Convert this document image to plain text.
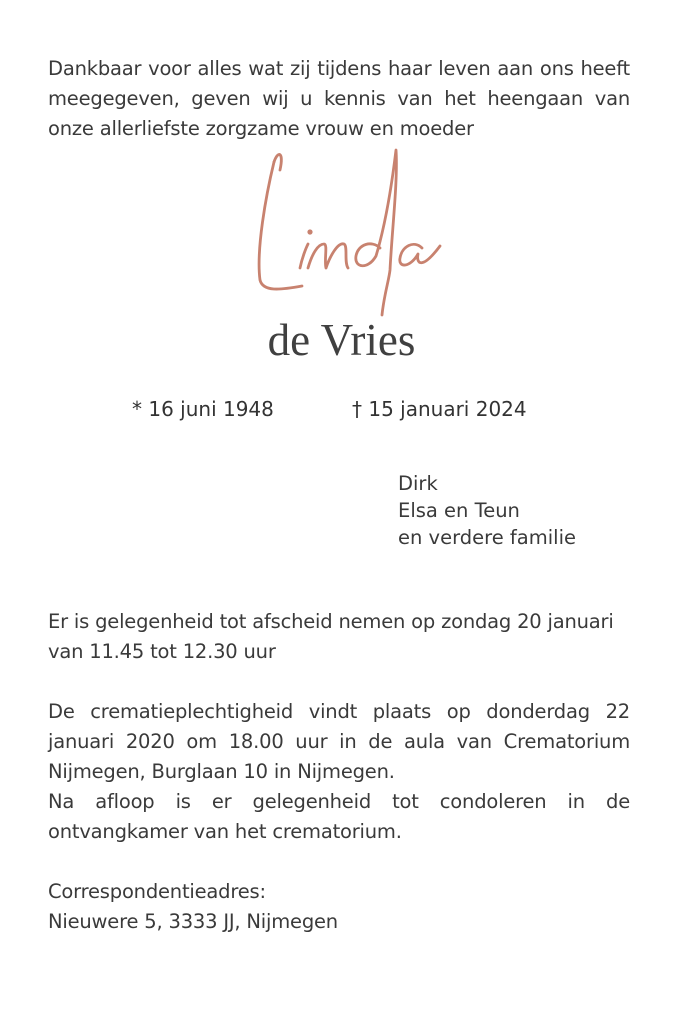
Dankbaar voor alles wat zij tijdens haar leven aan ons heeft meegegeven, geven wij u kennis van het heengaan van onze allerliefste zorgzame vrouw en moeder
de Vries
* 16 juni 1948	† 15 januari 2024
Dirk
Elsa en Teun
en verdere familie
Er is gelegenheid tot afscheid nemen op zondag 20 januari
van 11.45 tot 12.30 uur
De crematieplechtigheid vindt plaats op donderdag 22 januari 2020 om 18.00 uur in de aula van Crematorium Nijmegen, Burglaan 10 in Nijmegen.
Na afloop is er gelegenheid tot condoleren in de ontvangkamer van het crematorium.
Correspondentieadres:
Nieuwere 5, 3333 JJ, Nijmegen
